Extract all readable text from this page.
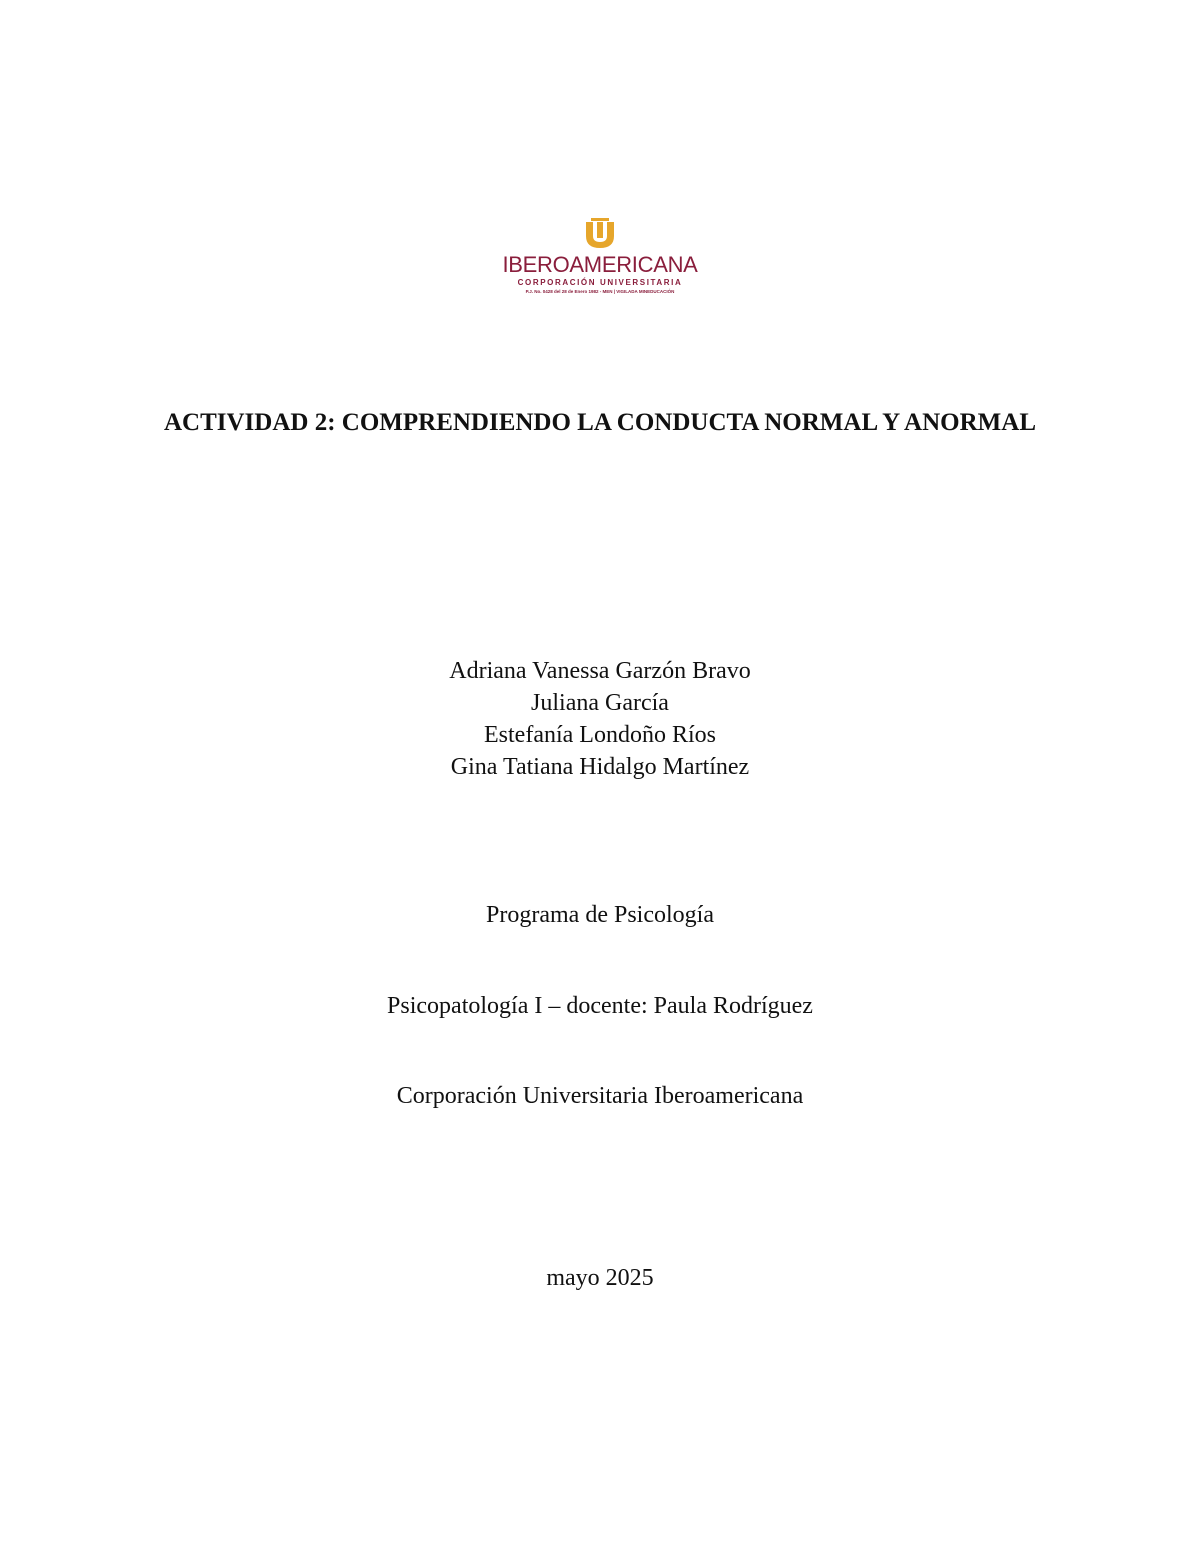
IBEROAMERICANA
CORPORACIÓN UNIVERSITARIA
P.J. No. 0428 del 28 de Enero 1982 - MEN | VIGILADA MINEDUCACIÓN
ACTIVIDAD 2: COMPRENDIENDO LA CONDUCTA NORMAL Y ANORMAL
Adriana Vanessa Garzón Bravo
Juliana García
Estefanía Londoño Ríos
Gina Tatiana Hidalgo Martínez

Programa de Psicología

Psicopatología I – docente: Paula Rodríguez

Corporación Universitaria Iberoamericana

mayo 2025
